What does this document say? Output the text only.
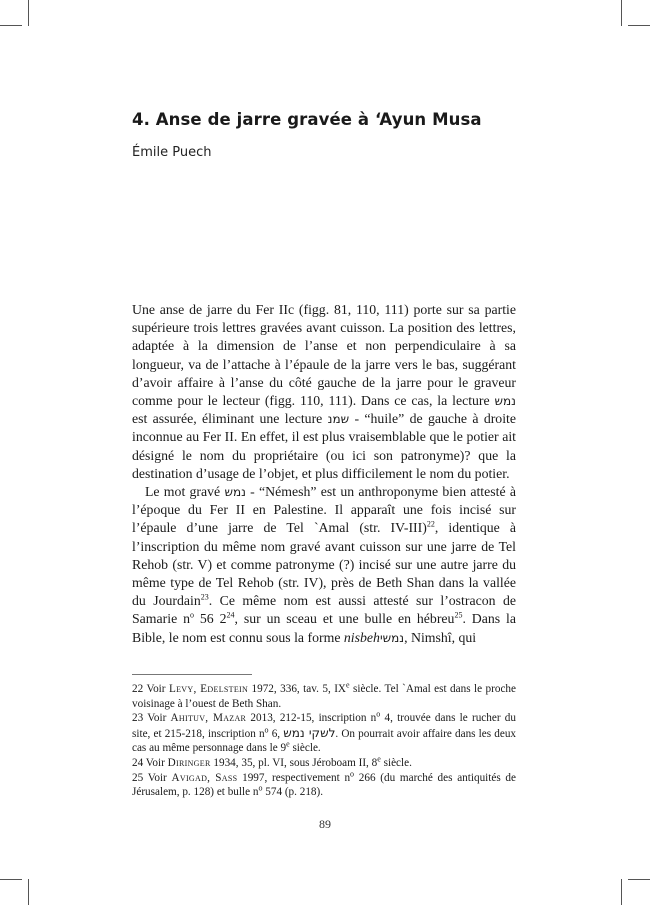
4. Anse de jarre gravée à ‘Ayun Musa

Émile Puech

Une anse de jarre du Fer IIc (figg. 81, 110, 111) porte sur sa partie supérieure trois lettres gravées avant cuisson. La position des lettres, adaptée à la dimension de l’anse et non perpendiculaire à sa longueur, va de l’attache à l’épaule de la jarre vers le bas, suggérant d’avoir affaire à l’anse du côté gauche de la jarre pour le graveur comme pour le lecteur (figg. 110, 111). Dans ce cas, la lecture נמש est assurée, éliminant une lecture שמנ - “huile” de gauche à droite inconnue au Fer II. En effet, il est plus vraisemblable que le potier ait désigné le nom du propriétaire (ou ici son patronyme)? que la destination d’usage de l’objet, et plus difficilement le nom du potier.

Le mot gravé נמש - “Némesh” est un anthroponyme bien attesté à l’époque du Fer II en Palestine. Il apparaît une fois incisé sur l’épaule d’une jarre de Tel `Amal (str. IV-III)$^{22}$, identique à l’inscription du même nom gravé avant cuisson sur une jarre de Tel Rehob (str. V) et comme patronyme (?) incisé sur une autre jarre du même type de Tel Rehob (str. IV), près de Beth Shan dans la vallée du Jourdain$^{23}$. Ce même nom est aussi attesté sur l’ostracon de Samarie $n^o$ 56 $2^{24}$, sur un sceau et une bulle en hébreu$^{25}$. Dans la Bible, le nom est connu sous la forme nisbehנמשי, Nimshî, qui

22 Voir Levy, Edelstein 1972, 336, tav. 5, IXe siècle. Tel `Amal est dans le proche voisinage à l’ouest de Beth Shan.

23 Voir Ahituv, Mazar 2013, 212-15, inscription $n^o$ 4, trouvée dans le rucher du site, et 215-218, inscription $n^o$ 6, לשקי נמש. On pourrait avoir affaire dans les deux cas au même personnage dans le 9e siècle.

24 Voir Diringer 1934, 35, pl. VI, sous Jéroboam II, 8e siècle.

25 Voir Avigad, Sass 1997, respectivement $n^o$ 266 (du marché des antiquités de Jérusalem, p. 128) et bulle $n^o$ 574 (p. 218).

89
